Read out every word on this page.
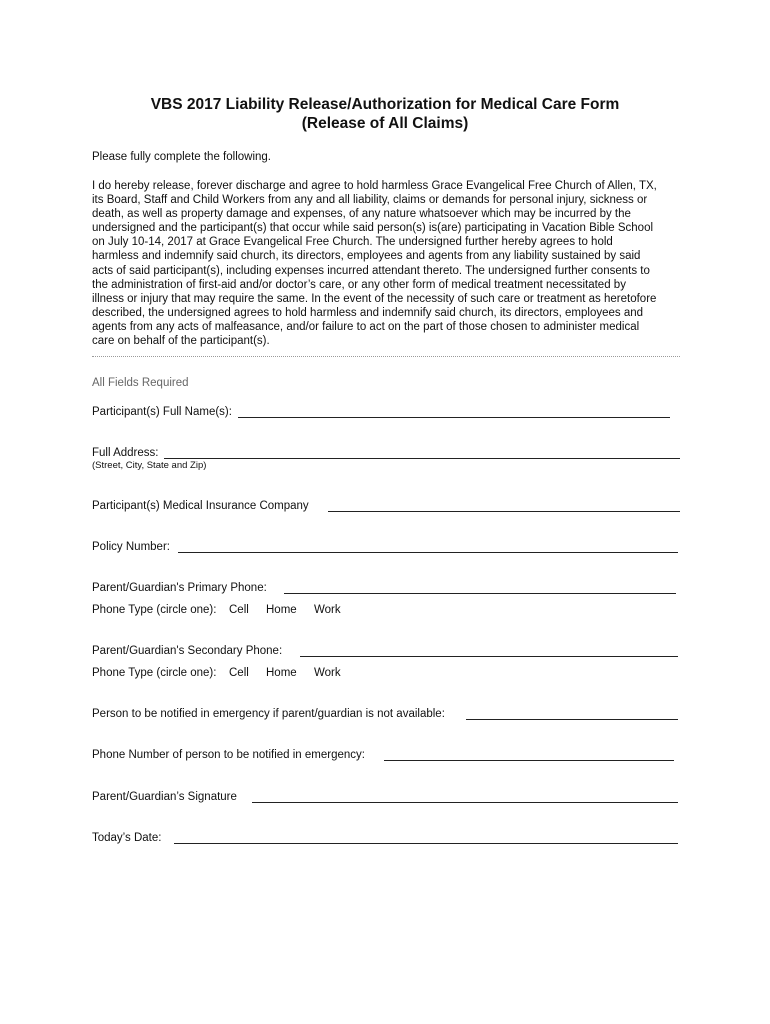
VBS 2017 Liability Release/Authorization for Medical Care Form
(Release of All Claims)
Please fully complete the following.
I do hereby release, forever discharge and agree to hold harmless Grace Evangelical Free Church of Allen, TX,
its Board, Staff and Child Workers from any and all liability, claims or demands for personal injury, sickness or
death, as well as property damage and expenses, of any nature whatsoever which may be incurred by the
undersigned and the participant(s) that occur while said person(s) is(are) participating in Vacation Bible School
on July 10-14, 2017 at Grace Evangelical Free Church. The undersigned further hereby agrees to hold
harmless and indemnify said church, its directors, employees and agents from any liability sustained by said
acts of said participant(s), including expenses incurred attendant thereto. The undersigned further consents to
the administration of first-aid and/or doctor’s care, or any other form of medical treatment necessitated by
illness or injury that may require the same. In the event of the necessity of such care or treatment as heretofore
described, the undersigned agrees to hold harmless and indemnify said church, its directors, employees and
agents from any acts of malfeasance, and/or failure to act on the part of those chosen to administer medical
care on behalf of the participant(s).
All Fields Required
Participant(s) Full Name(s):
Full Address:
(Street, City, State and Zip)
Participant(s) Medical Insurance Company
Policy Number:
Parent/Guardian's Primary Phone:
Phone Type (circle one): Cell Home Work
Parent/Guardian's Secondary Phone:
Phone Type (circle one): Cell Home Work
Person to be notified in emergency if parent/guardian is not available:
Phone Number of person to be notified in emergency:
Parent/Guardian’s Signature
Today’s Date:
